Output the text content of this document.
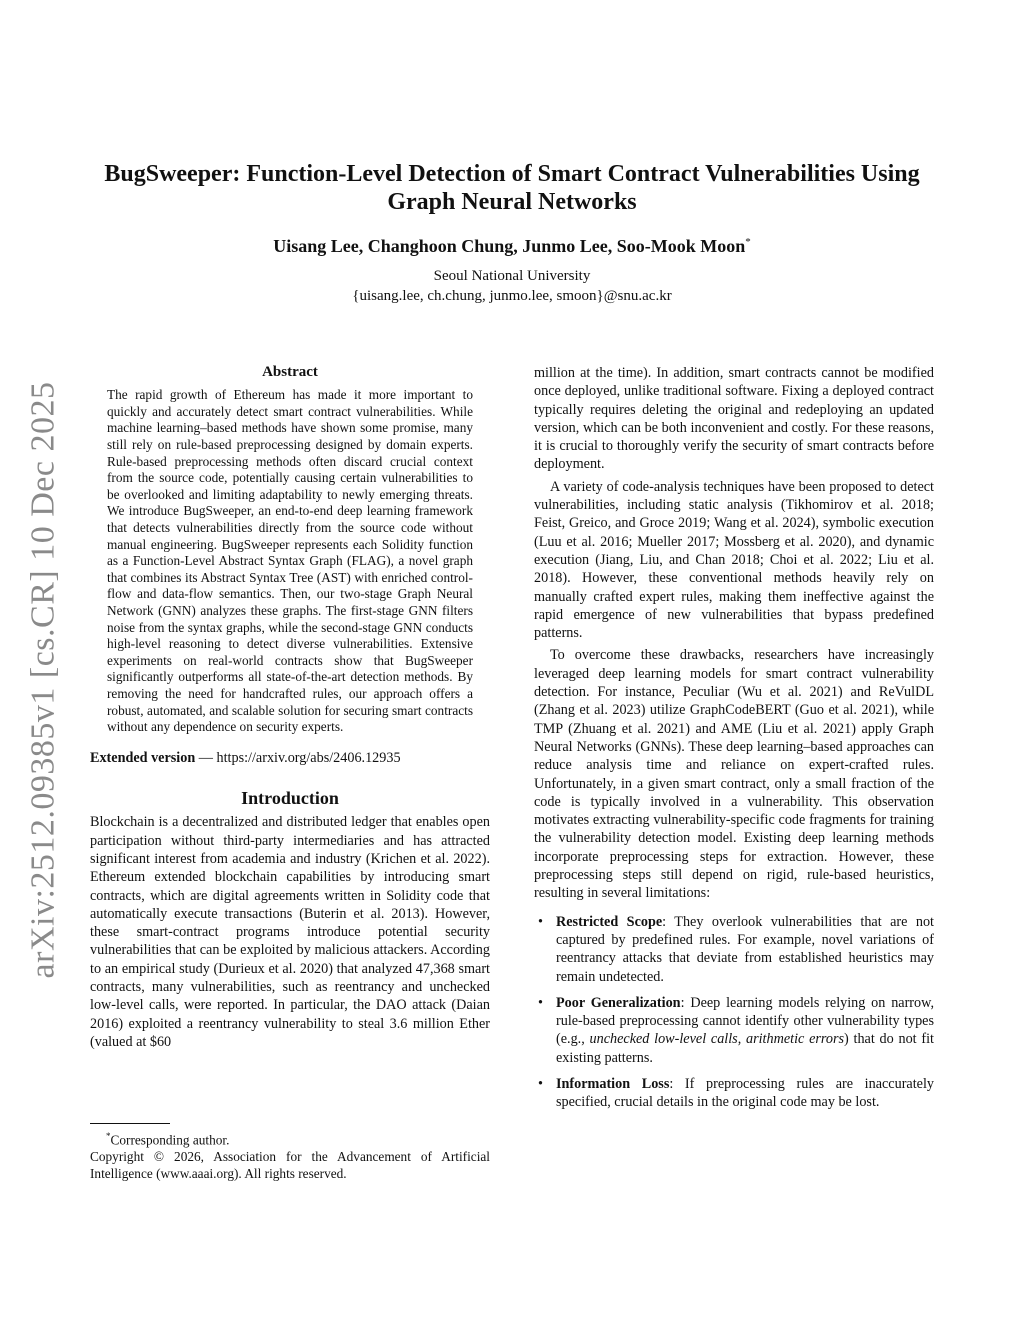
arXiv:2512.09385v1 [cs.CR] 10 Dec 2025
BugSweeper: Function-Level Detection of Smart Contract Vulnerabilities Using
Graph Neural Networks
Uisang Lee, Changhoon Chung, Junmo Lee, Soo-Mook Moon*
Seoul National University
{uisang.lee, ch.chung, junmo.lee, smoon}@snu.ac.kr
Abstract

The rapid growth of Ethereum has made it more important to quickly and accurately detect smart contract vulnerabilities. While machine learning–based methods have shown some promise, many still rely on rule-based preprocessing designed by domain experts. Rule-based preprocessing methods often discard crucial context from the source code, potentially causing certain vulnerabilities to be overlooked and limiting adaptability to newly emerging threats. We introduce BugSweeper, an end-to-end deep learning framework that detects vulnerabilities directly from the source code without manual engineering. BugSweeper represents each Solidity function as a Function-Level Abstract Syntax Graph (FLAG), a novel graph that combines its Abstract Syntax Tree (AST) with enriched control-flow and data-flow semantics. Then, our two-stage Graph Neural Network (GNN) analyzes these graphs. The first-stage GNN filters noise from the syntax graphs, while the second-stage GNN conducts high-level reasoning to detect diverse vulnerabilities. Extensive experiments on real-world contracts show that BugSweeper significantly outperforms all state-of-the-art detection methods. By removing the need for handcrafted rules, our approach offers a robust, automated, and scalable solution for securing smart contracts without any dependence on security experts.

Extended version — https://arxiv.org/abs/2406.12935

Introduction

Blockchain is a decentralized and distributed ledger that enables open participation without third-party intermediaries and has attracted significant interest from academia and industry (Krichen et al. 2022). Ethereum extended blockchain capabilities by introducing smart contracts, which are digital agreements written in Solidity code that automatically execute transactions (Buterin et al. 2013). However, these smart-contract programs introduce potential security vulnerabilities that can be exploited by malicious attackers. According to an empirical study (Durieux et al. 2020) that analyzed 47,368 smart contracts, many vulnerabilities, such as reentrancy and unchecked low-level calls, were reported. In particular, the DAO attack (Daian 2016) exploited a reentrancy vulnerability to steal 3.6 million Ether (valued at $60

*Corresponding author.

Copyright © 2026, Association for the Advancement of Artificial Intelligence (www.aaai.org). All rights reserved.

million at the time). In addition, smart contracts cannot be modified once deployed, unlike traditional software. Fixing a deployed contract typically requires deleting the original and redeploying an updated version, which can be both inconvenient and costly. For these reasons, it is crucial to thoroughly verify the security of smart contracts before deployment.

A variety of code-analysis techniques have been proposed to detect vulnerabilities, including static analysis (Tikhomirov et al. 2018; Feist, Greico, and Groce 2019; Wang et al. 2024), symbolic execution (Luu et al. 2016; Mueller 2017; Mossberg et al. 2020), and dynamic execution (Jiang, Liu, and Chan 2018; Choi et al. 2022; Liu et al. 2018). However, these conventional methods heavily rely on manually crafted expert rules, making them ineffective against the rapid emergence of new vulnerabilities that bypass predefined patterns.

To overcome these drawbacks, researchers have increasingly leveraged deep learning models for smart contract vulnerability detection. For instance, Peculiar (Wu et al. 2021) and ReVulDL (Zhang et al. 2023) utilize GraphCodeBERT (Guo et al. 2021), while TMP (Zhuang et al. 2021) and AME (Liu et al. 2021) apply Graph Neural Networks (GNNs). These deep learning–based approaches can reduce analysis time and reliance on expert-crafted rules. Unfortunately, in a given smart contract, only a small fraction of the code is typically involved in a vulnerability. This observation motivates extracting vulnerability-specific code fragments for training the vulnerability detection model. Existing deep learning methods incorporate preprocessing steps for extraction. However, these preprocessing steps still depend on rigid, rule-based heuristics, resulting in several limitations:

• Restricted Scope: They overlook vulnerabilities that are not captured by predefined rules. For example, novel variations of reentrancy attacks that deviate from established heuristics may remain undetected.

• Poor Generalization: Deep learning models relying on narrow, rule-based preprocessing cannot identify other vulnerability types (e.g., unchecked low-level calls, arithmetic errors) that do not fit existing patterns.

• Information Loss: If preprocessing rules are inaccurately specified, crucial details in the original code may be lost.
